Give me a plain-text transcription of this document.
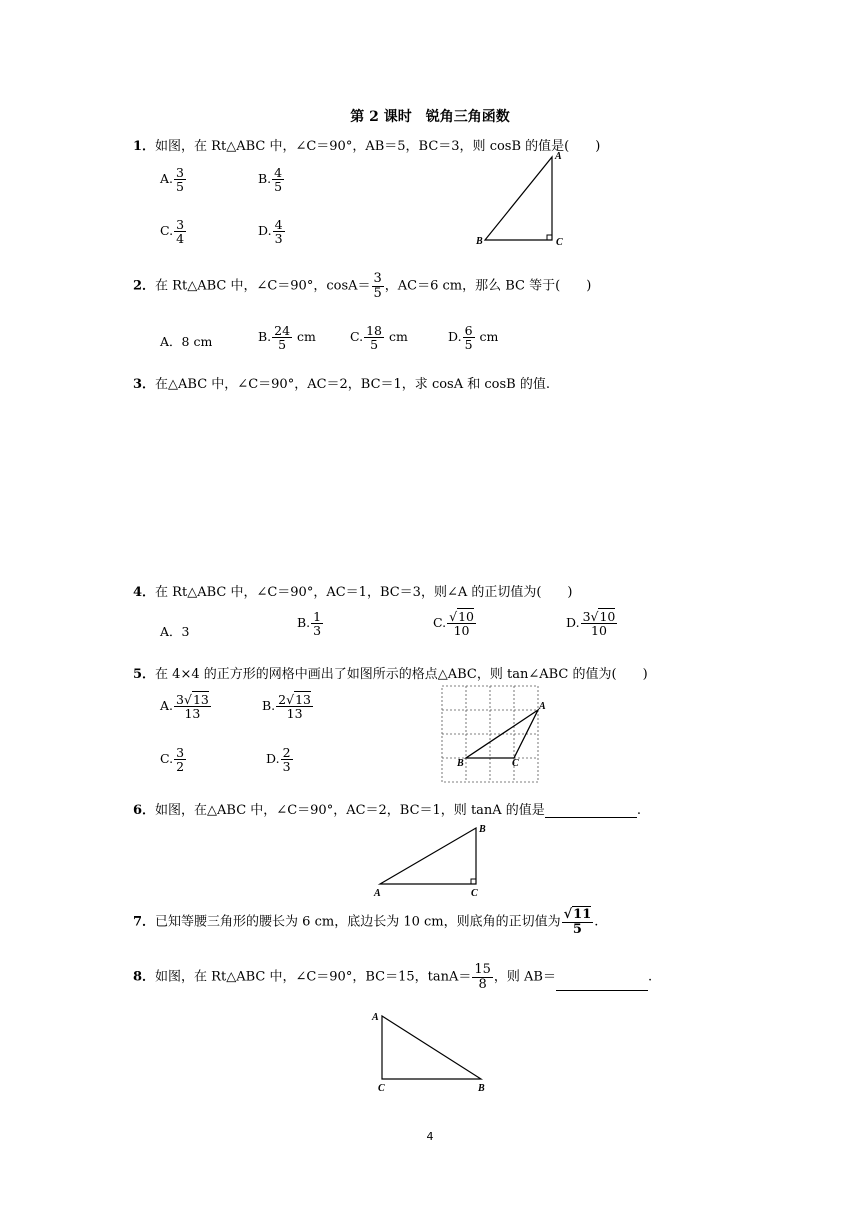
第 2 课时　锐角三角函数
1．如图，在 Rt△ABC 中，∠C＝90°，AB＝5，BC＝3，则 cosB 的值是(　　)
A. $\frac{3}{5}$	B. $\frac{4}{5}$
C. $\frac{3}{4}$	D. $\frac{4}{3}$
A
B	C
2．在 Rt△ABC 中，∠C＝90°，$\cos A= \frac{3}{5}$ ，AC＝6 cm，那么 BC 等于(　　)
A．8 cm	B. $\frac{24}{5}$ cm	C. $\frac{18}{5}$ cm	D. $\frac{6}{5}$ cm
3．在△ABC 中，∠C＝90°，AC＝2，BC＝1，求 cosA 和 cosB 的值.
4．在 Rt△ABC 中，∠C＝90°，AC＝1，BC＝3，则∠A 的正切值为(　　)
A．3
B. $\frac{1}{3}$	C. $\frac{√10}{10}$	D. $\frac{3√10}{10}$
5．在 4×4 的正方形的网格中画出了如图所示的格点△ABC，则 tan∠ABC 的值为(　　)
A. $\frac{3√13}{13}$	B. $\frac{2√13}{13}$
C. $\frac{3}{2}$	D. $\frac{2}{3}$
A
B	C
6．如图，在△ABC 中，∠C＝90°，AC＝2，BC＝1，则 tanA 的值是	.
A
B
C
7．已知等腰三角形的腰长为 6 cm，底边长为 10 cm，则底角的正切值为 $\frac{√11}{5}$ .
8．如图，在 Rt△ABC 中，∠C＝90°，BC＝15，$\tan A= \frac{15}{8}$ ，则 AB＝	.
A
C	B
4
